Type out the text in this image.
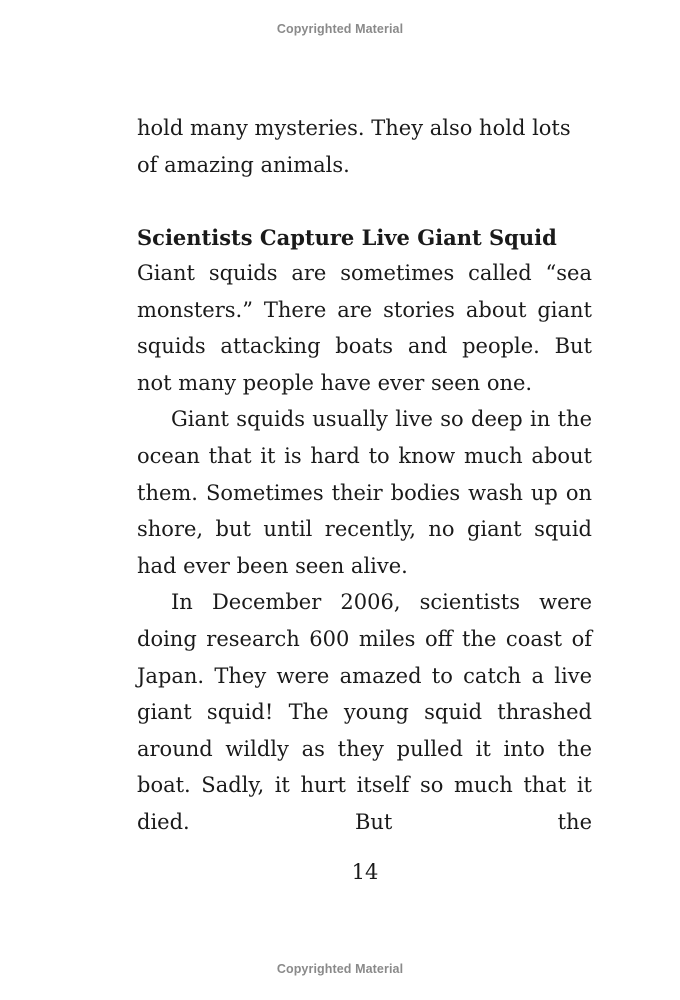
Copyrighted Material

hold many mysteries. They also hold lots of amazing animals.

Scientists Capture Live Giant Squid

Giant squids are sometimes called “sea monsters.” There are stories about giant squids attacking boats and people. But not many people have ever seen one.

Giant squids usually live so deep in the ocean that it is hard to know much about them. Sometimes their bodies wash up on shore, but until recently, no giant squid had ever been seen alive.

In December 2006, scientists were doing research 600 miles off the coast of Japan. They were amazed to catch a live giant squid! The young squid thrashed around wildly as they pulled it into the boat. Sadly, it hurt itself so much that it died. But the

14
Copyrighted Material
